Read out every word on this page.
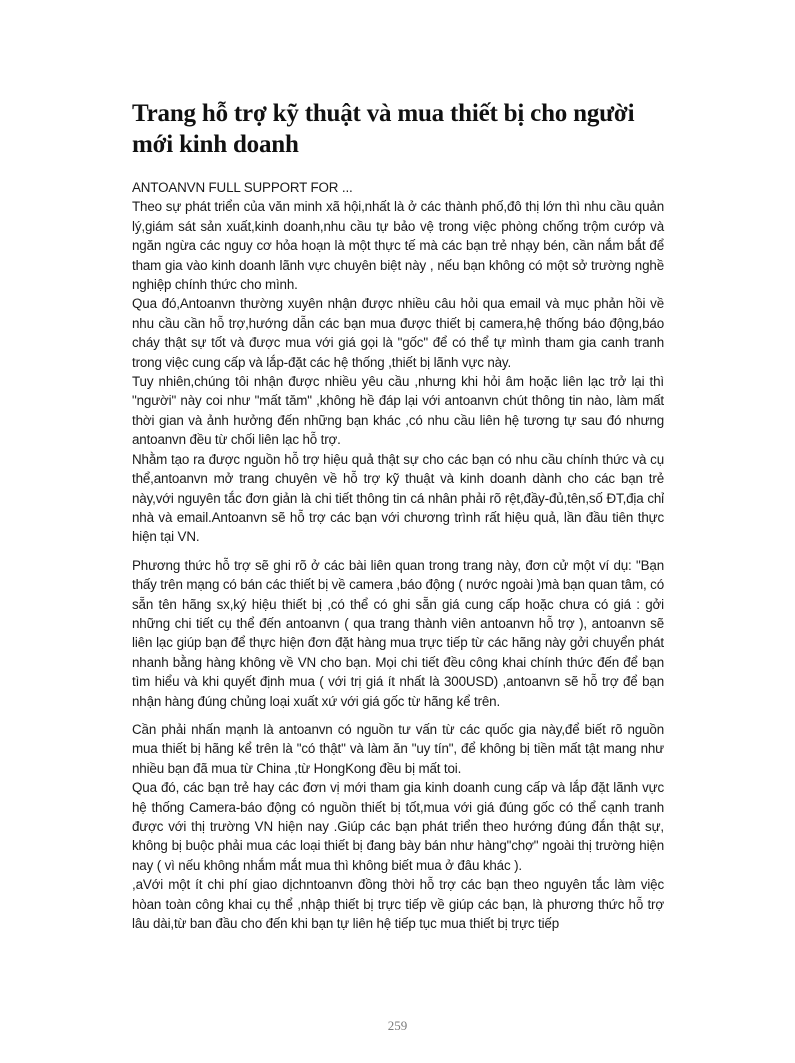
Trang hỗ trợ kỹ thuật và mua thiết bị cho người mới kinh doanh

ANTOANVN FULL SUPPORT FOR ...

Theo sự phát triển của văn minh xã hội,nhất là ở các thành phố,đô thị lớn thì nhu cầu quản lý,giám sát sản xuất,kinh doanh,nhu cầu tự bảo vệ trong việc phòng chống trộm cướp và ngăn ngừa các nguy cơ hỏa hoạn là một thực tế mà các bạn trẻ nhạy bén, cần nắm bắt để tham gia vào kinh doanh lãnh vực chuyên biệt này , nếu bạn không có một sở trường nghề nghiệp chính thức cho mình.

Qua đó,Antoanvn thường xuyên nhận được nhiều câu hỏi qua email và mục phản hồi về nhu cầu cần hỗ trợ,hướng dẫn các bạn mua được thiết bị camera,hệ thống báo động,báo cháy thật sự tốt và được mua với giá gọi là "gốc" để có thể tự mình tham gia canh tranh trong việc cung cấp và lắp-đặt các hệ thống ,thiết bị lãnh vực này.

Tuy nhiên,chúng tôi nhận được nhiều yêu cầu ,nhưng khi hỏi âm hoặc liên lạc trở lại thì "người" này coi như "mất tăm" ,không hề đáp lại với antoanvn chút thông tin nào, làm mất thời gian và ảnh hưởng đến những bạn khác ,có nhu cầu liên hệ tương tự sau đó nhưng antoanvn đều từ chối liên lạc hỗ trợ.

Nhằm tạo ra được nguồn hỗ trợ hiệu quả thật sự cho các bạn có nhu cầu chính thức và cụ thể,antoanvn mở trang chuyên về hỗ trợ kỹ thuật và kinh doanh dành cho các bạn trẻ này,với nguyên tắc đơn giản là chi tiết thông tin cá nhân phải rõ rệt,đầy-đủ,tên,số ĐT,địa chỉ nhà và email.Antoanvn sẽ hỗ trợ các bạn với chương trình rất hiệu quả, lần đầu tiên thực hiện tại VN.

Phương thức hỗ trợ sẽ ghi rõ ở các bài liên quan trong trang này, đơn cử một ví dụ: "Bạn thấy trên mạng có bán các thiết bị về camera ,báo động ( nước ngoài )mà bạn quan tâm, có sẵn tên hãng sx,ký hiệu thiết bị ,có thể có ghi sẵn giá cung cấp hoặc chưa có giá : gởi những chi tiết cụ thể đến antoanvn ( qua trang thành viên antoanvn hỗ trợ ), antoanvn sẽ liên lạc giúp bạn để thực hiện đơn đặt hàng mua trực tiếp từ các hãng này gởi chuyển phát nhanh bằng hàng không về VN cho bạn. Mọi chi tiết đều công khai chính thức đến để bạn tìm hiểu và khi quyết định mua ( với trị giá ít nhất là 300USD) ,antoanvn sẽ hỗ trợ để bạn nhận hàng đúng chủng loại xuất xứ với giá gốc từ hãng kể trên.

Cần phải nhấn mạnh là antoanvn có nguồn tư vấn từ các quốc gia này,để biết rõ nguồn mua thiết bị hãng kể trên là "có thật" và làm ăn "uy tín", để không bị tiền mất tật mang như nhiều bạn đã mua từ China ,từ HongKong đều bị mất toi.

Qua đó, các bạn trẻ hay các đơn vị mới tham gia kinh doanh cung cấp và lắp đặt lãnh vực hệ thống Camera-báo động có nguồn thiết bị tốt,mua với giá đúng gốc có thể cạnh tranh được với thị trường VN hiện nay .Giúp các bạn phát triển theo hướng đúng đắn thật sự, không bị buộc phải mua các loại thiết bị đang bày bán như hàng"chợ" ngoài thị trường hiện nay ( vì nếu không nhắm mắt mua thì không biết mua ở đâu khác ).

,aVới một ít chi phí giao dịchntoanvn đồng thời hỗ trợ các bạn theo nguyên tắc làm việc hòan toàn công khai cụ thể ,nhập thiết bị trực tiếp về giúp các bạn, là phương thức hỗ trợ lâu dài,từ ban đầu cho đến khi bạn tự liên hệ tiếp tục mua thiết bị trực tiếp

259
